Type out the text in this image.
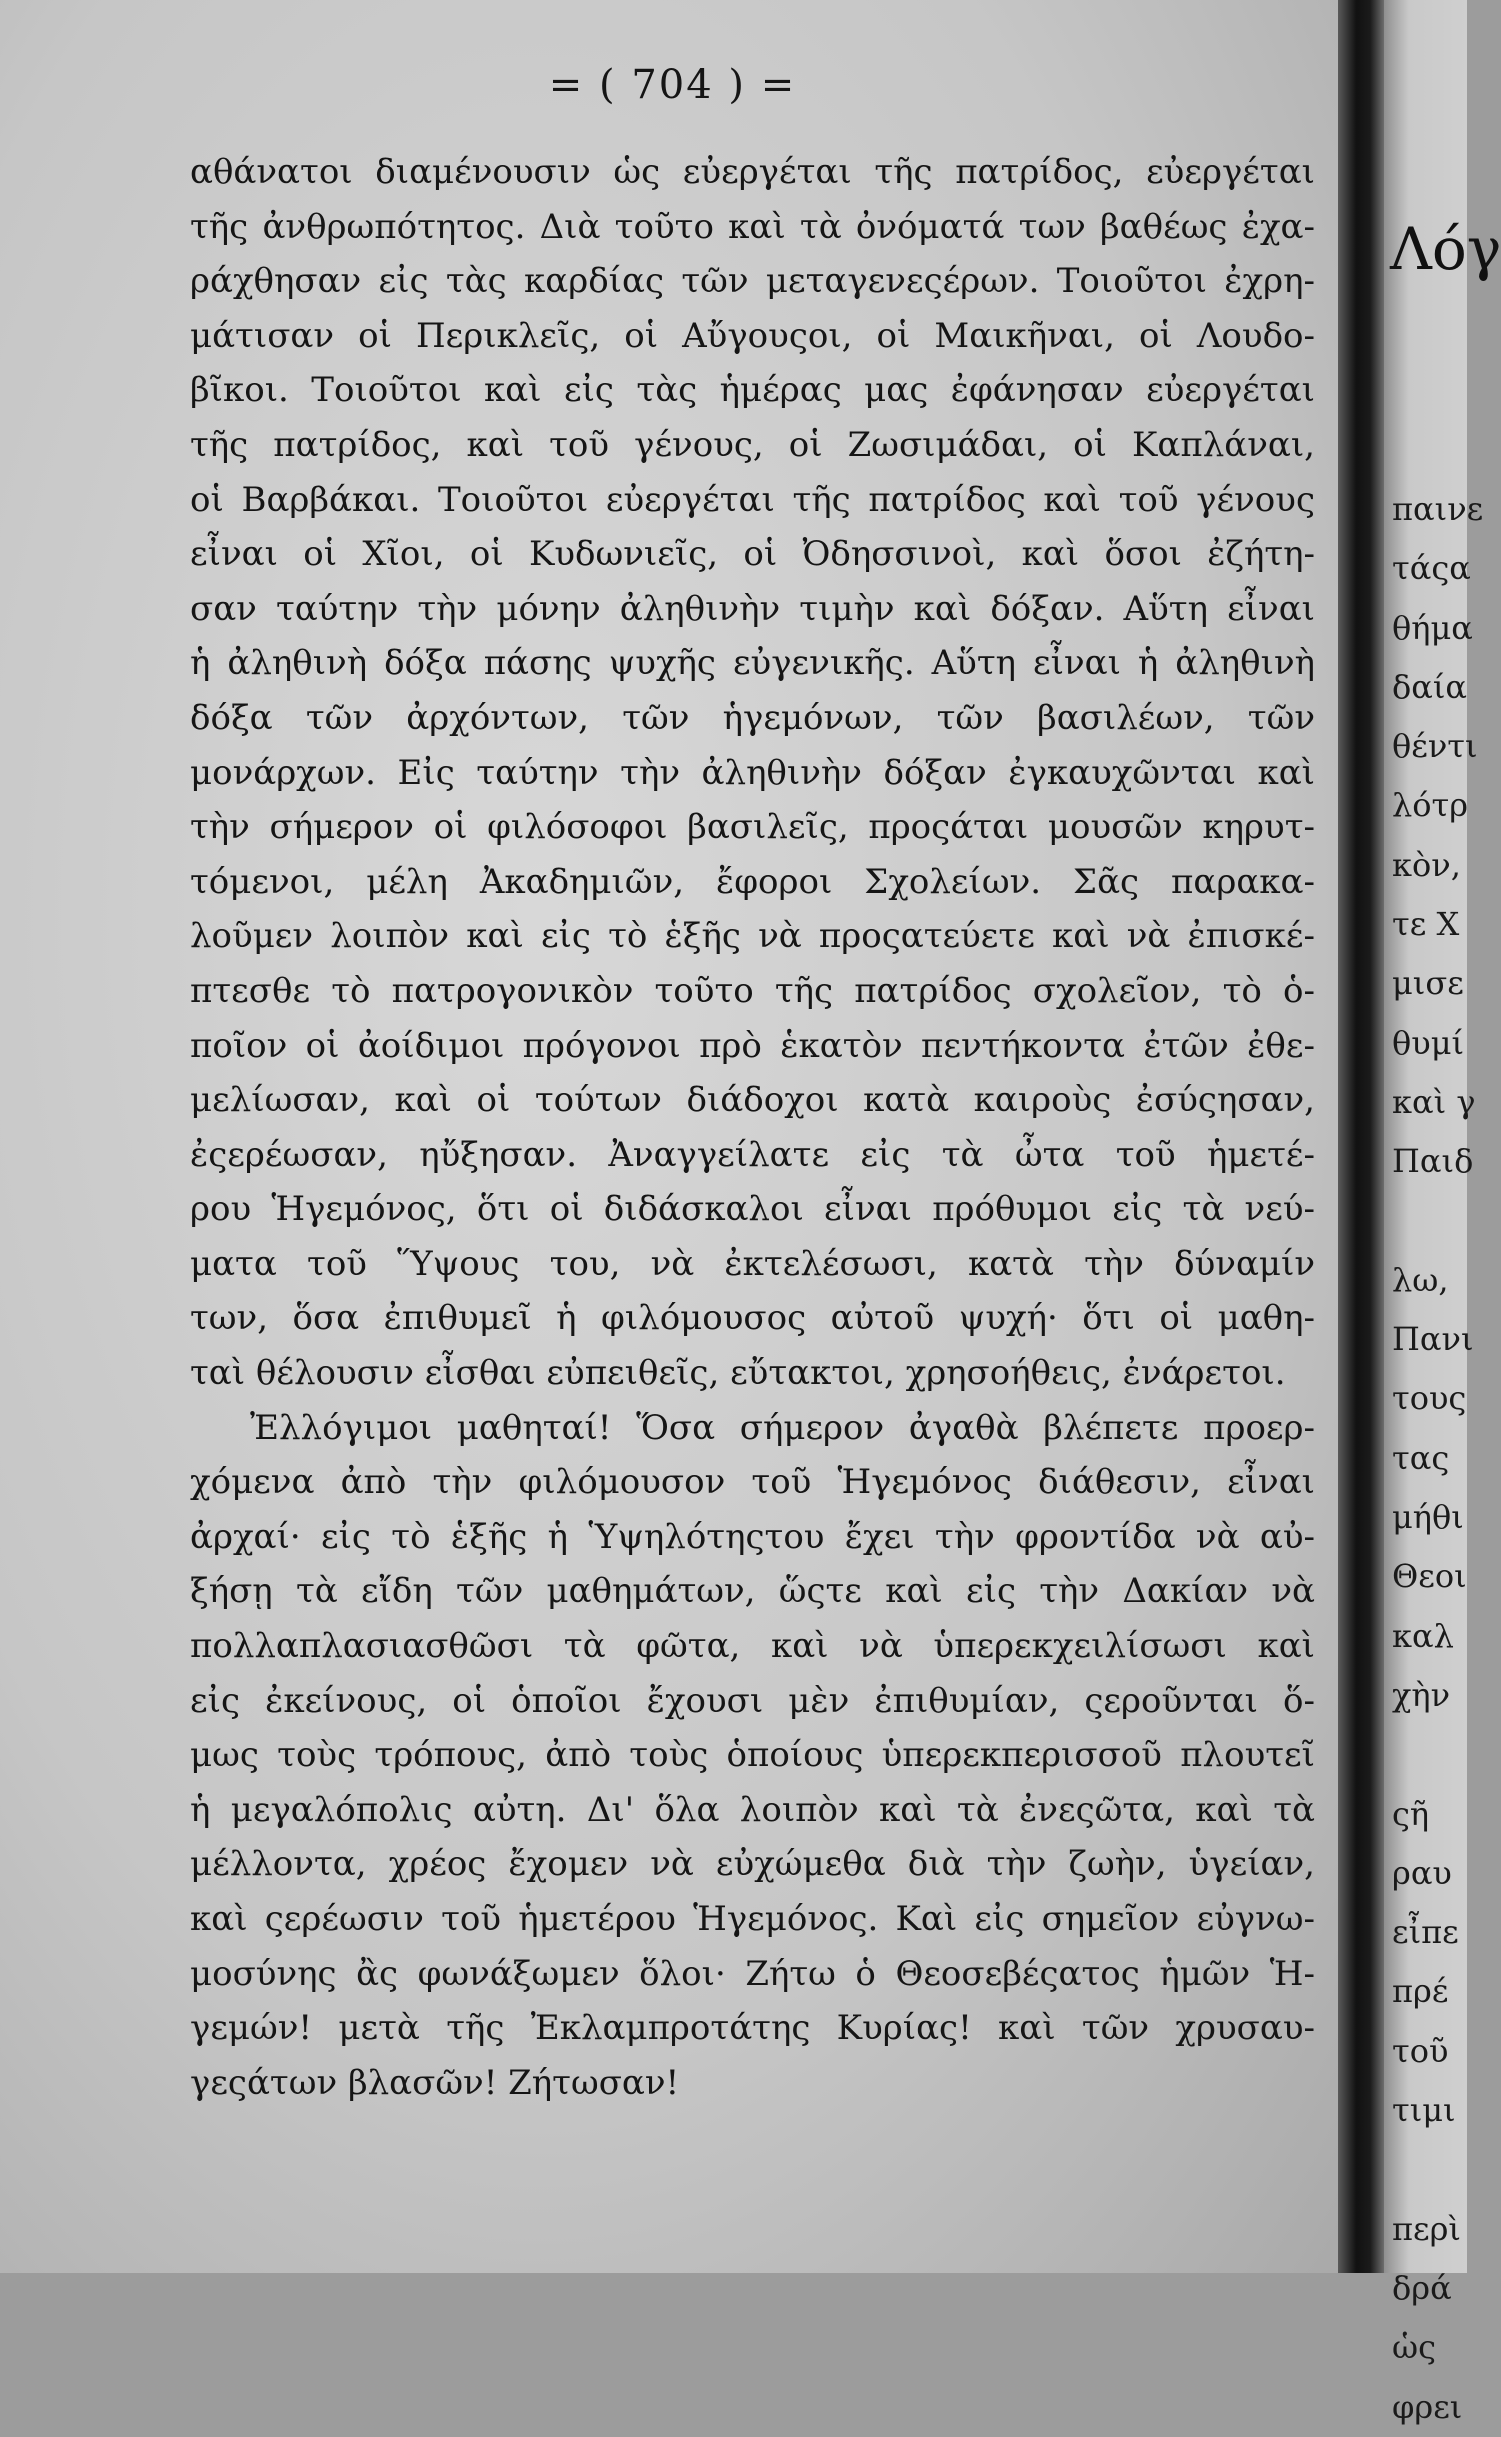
= ( 704 ) =
αθάνατοι διαμένουσιν ὡς εὐεργέται τῆς πατρίδος, εὐεργέται
τῆς ἀνθρωπότητος. Διὰ τοῦτο καὶ τὰ ὀνόματά των βαθέως ἐχα-
ράχθησαν εἰς τὰς καρδίας τῶν μεταγενεςέρων. Τοιοῦτοι ἐχρη-
μάτισαν οἱ Περικλεῖς, οἱ Αὔγουςοι, οἱ Μαικῆναι, οἱ Λουδο-
βῖκοι. Τοιοῦτοι καὶ εἰς τὰς ἡμέρας μας ἐφάνησαν εὐεργέται
τῆς πατρίδος, καὶ τοῦ γένους, οἱ Ζωσιμάδαι, οἱ Καπλάναι,
οἱ Βαρβάκαι. Τοιοῦτοι εὐεργέται τῆς πατρίδος καὶ τοῦ γένους
εἶναι οἱ Χῖοι, οἱ Κυδωνιεῖς, οἱ Ὀδησσινοὶ, καὶ ὅσοι ἐζήτη-
σαν ταύτην τὴν μόνην ἀληθινὴν τιμὴν καὶ δόξαν. Αὕτη εἶναι
ἡ ἀληθινὴ δόξα πάσης ψυχῆς εὐγενικῆς. Αὕτη εἶναι ἡ ἀληθινὴ
δόξα τῶν ἀρχόντων, τῶν ἡγεμόνων, τῶν βασιλέων, τῶν
μονάρχων. Εἰς ταύτην τὴν ἀληθινὴν δόξαν ἐγκαυχῶνται καὶ
τὴν σήμερον οἱ φιλόσοφοι βασιλεῖς, προςάται μουσῶν κηρυτ-
τόμενοι, μέλη Ἀκαδημιῶν, ἔφοροι Σχολείων. Σᾶς παρακα-
λοῦμεν λοιπὸν καὶ εἰς τὸ ἑξῆς νὰ προςατεύετε καὶ νὰ ἐπισκέ-
πτεσθε τὸ πατρογονικὸν τοῦτο τῆς πατρίδος σχολεῖον, τὸ ὁ-
ποῖον οἱ ἀοίδιμοι πρόγονοι πρὸ ἑκατὸν πεντήκοντα ἐτῶν ἐθε-
μελίωσαν, καὶ οἱ τούτων διάδοχοι κατὰ καιροὺς ἐσύςησαν,
ἐςερέωσαν, ηὔξησαν. Ἀναγγείλατε εἰς τὰ ὦτα τοῦ ἡμετέ-
ρου Ἡγεμόνος, ὅτι οἱ διδάσκαλοι εἶναι πρόθυμοι εἰς τὰ νεύ-
ματα τοῦ Ὕψους του, νὰ ἐκτελέσωσι, κατὰ τὴν δύναμίν
των, ὅσα ἐπιθυμεῖ ἡ φιλόμουσος αὐτοῦ ψυχή· ὅτι οἱ μαθη-
ταὶ θέλουσιν εἶσθαι εὐπειθεῖς, εὔτακτοι, χρησοήθεις, ἐνάρετοι.
Ἐλλόγιμοι μαθηταί! Ὅσα σήμερον ἀγαθὰ βλέπετε προερ-
χόμενα ἀπὸ τὴν φιλόμουσον τοῦ Ἡγεμόνος διάθεσιν, εἶναι
ἀρχαί· εἰς τὸ ἑξῆς ἡ Ὑψηλότηςτου ἔχει τὴν φροντίδα νὰ αὐ-
ξήσῃ τὰ εἴδη τῶν μαθημάτων, ὥςτε καὶ εἰς τὴν Δακίαν νὰ
πολλαπλασιασθῶσι τὰ φῶτα, καὶ νὰ ὑπερεκχειλίσωσι καὶ
εἰς ἐκείνους, οἱ ὁποῖοι ἔχουσι μὲν ἐπιθυμίαν, ςεροῦνται ὅ-
μως τοὺς τρόπους, ἀπὸ τοὺς ὁποίους ὑπερεκπερισσοῦ πλουτεῖ
ἡ μεγαλόπολις αὐτη. Δι' ὅλα λοιπὸν καὶ τὰ ἐνεςῶτα, καὶ τὰ
μέλλοντα, χρέος ἔχομεν νὰ εὐχώμεθα διὰ τὴν ζωὴν, ὑγείαν,
καὶ ςερέωσιν τοῦ ἡμετέρου Ἡγεμόνος. Καὶ εἰς σημεῖον εὐγνω-
μοσύνης ἂς φωνάξωμεν ὅλοι· Ζήτω ὁ Θεοσεβέςατος ἡμῶν Ἡ-
γεμών! μετὰ τῆς Ἐκλαμπροτάτης Κυρίας! καὶ τῶν χρυσαυ-
γεςάτων βλασῶν! Ζήτωσαν!
Λόγ
παινε
τάςα
θήμα
δαία
θέντι
λότρ
κὸν,
τε Χ
μισε
θυμί
καὶ γ
Παιδ
λω,
Πανι
τους
τας
μήθι
Θεοι
καλ
χὴν
ςῆ
ραυ
εἶπε
πρέ
τοῦ
τιμι
περὶ
δρά
ὡς
φρει
